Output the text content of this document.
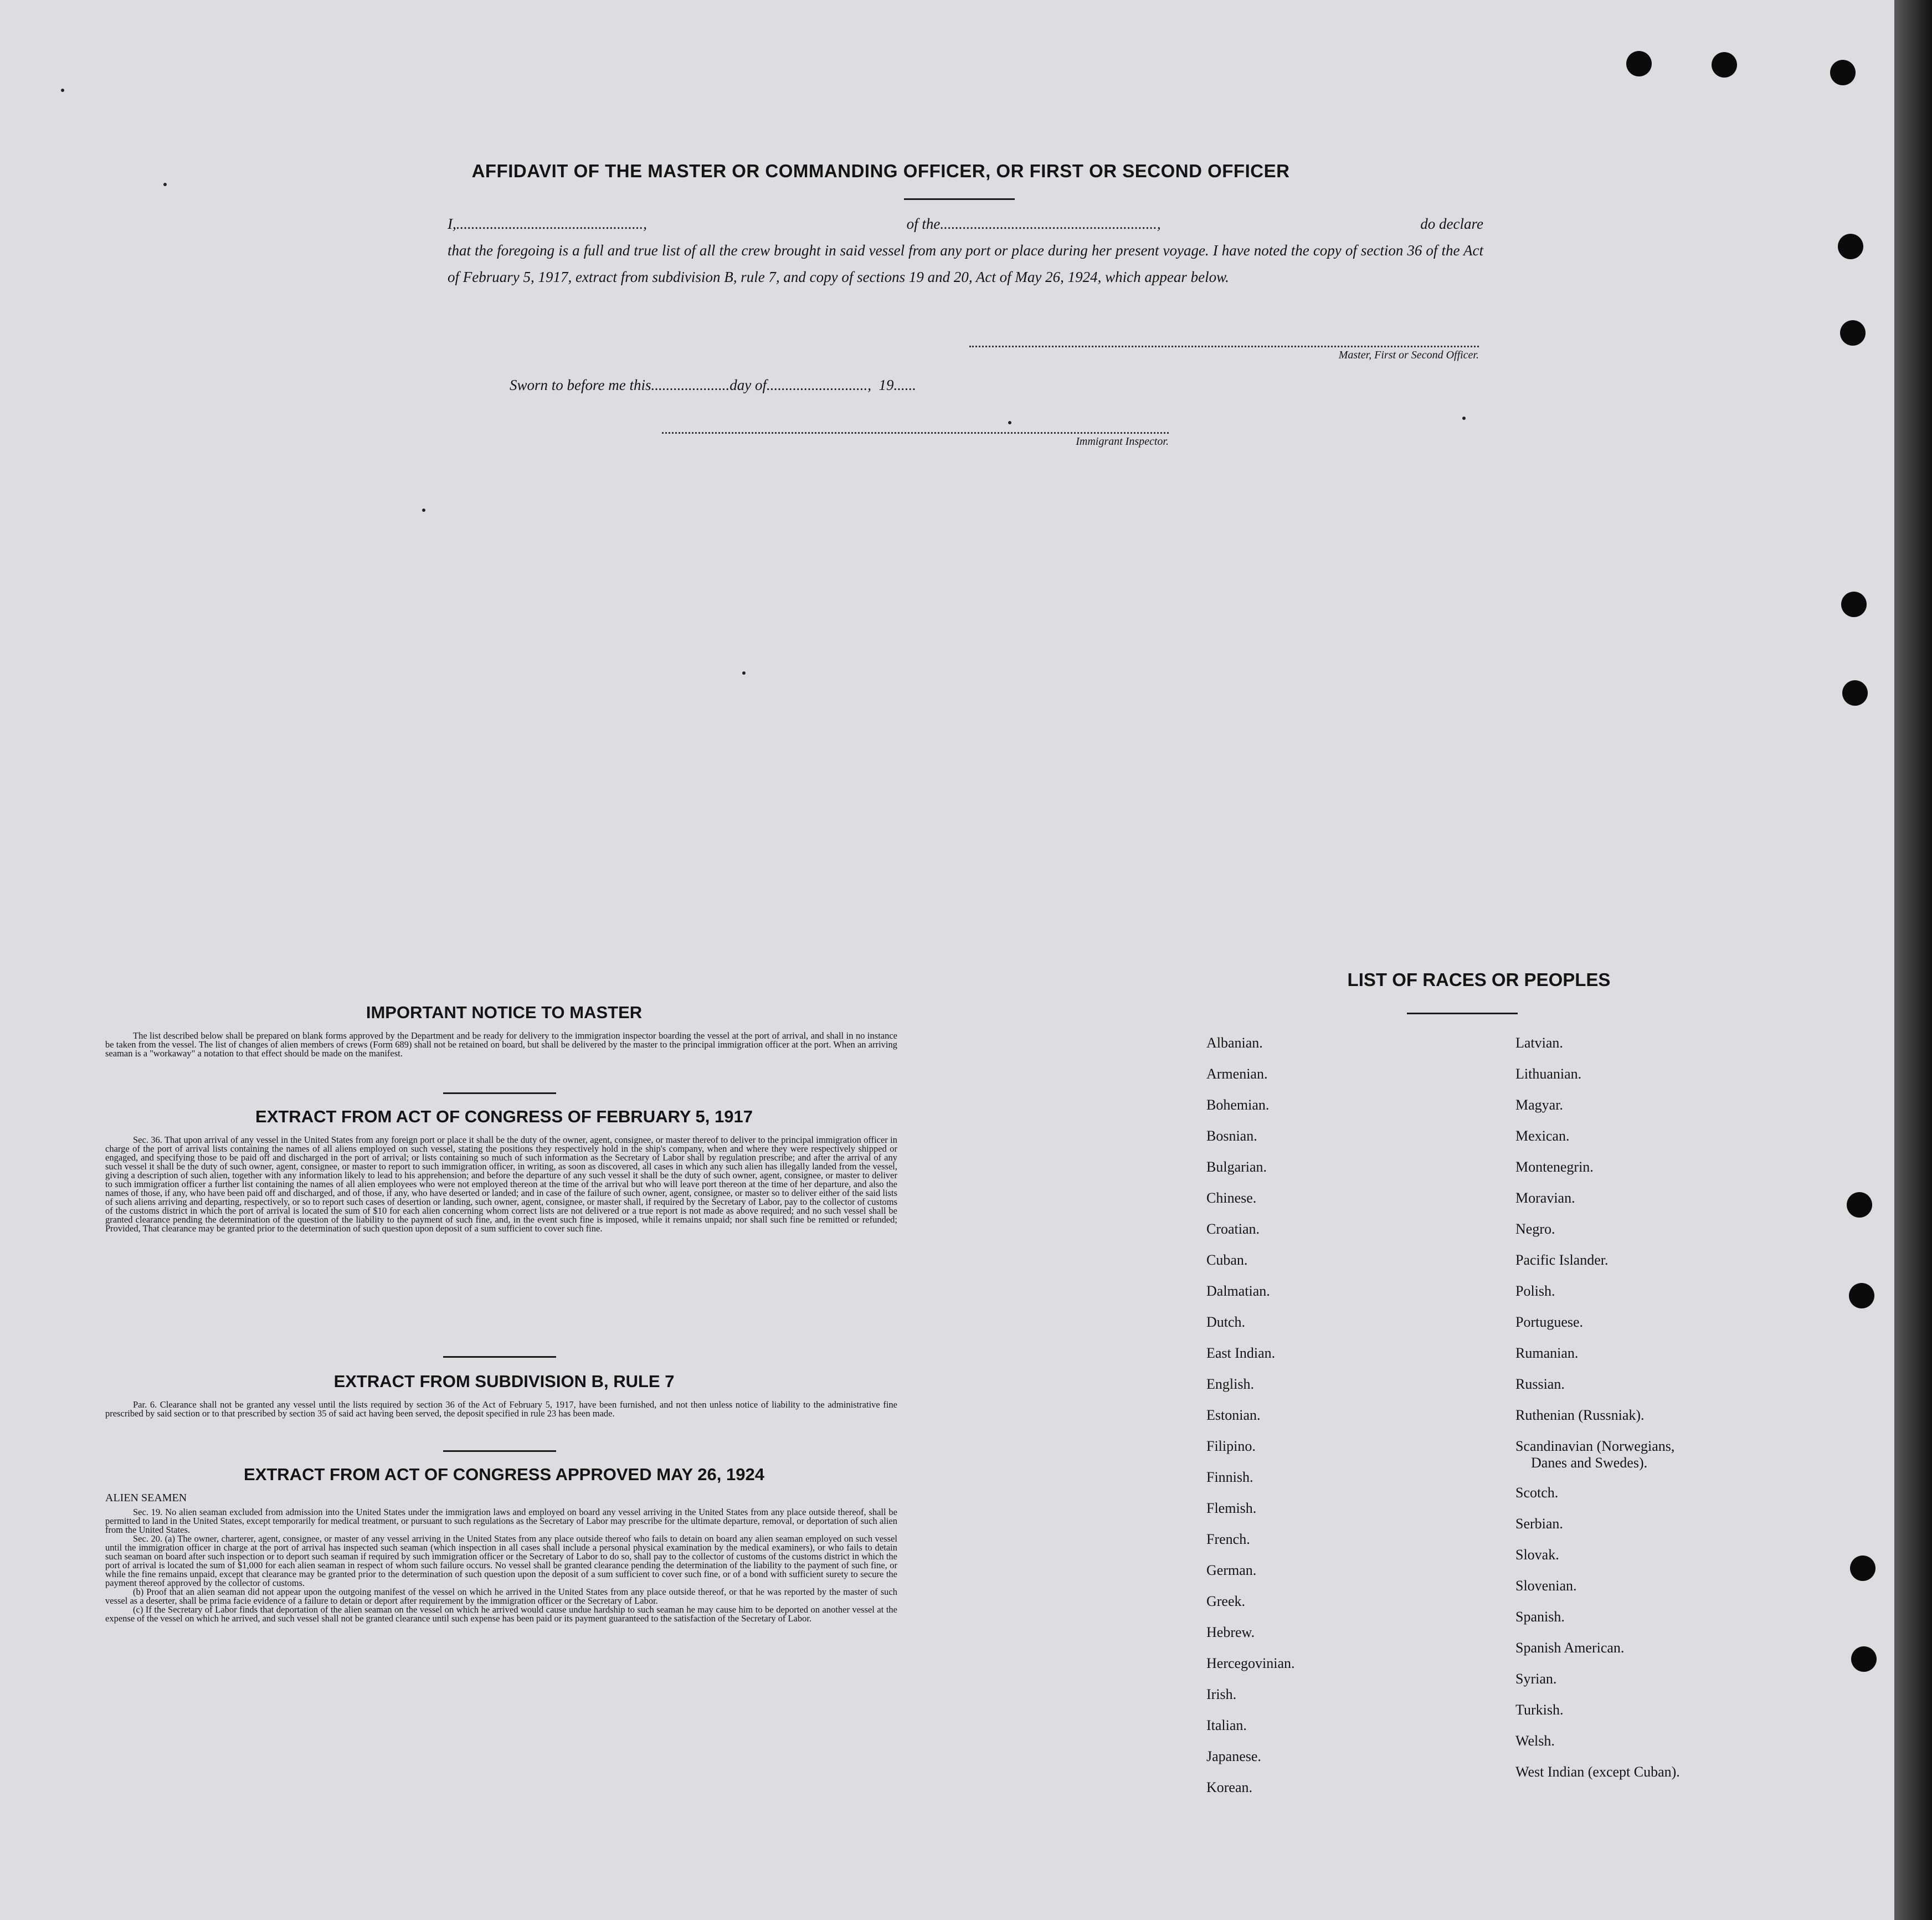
AFFIDAVIT OF THE MASTER OR COMMANDING OFFICER, OR FIRST OR SECOND OFFICER

I,..................................................,	of the..........................................................,	do declare

that the foregoing is a full and true list of all the crew brought in said vessel from any port or place during her present voyage. I have noted the copy of section 36 of the Act of February 5, 1917, extract from subdivision B, rule 7, and copy of sections 19 and 20, Act of May 26, 1924, which appear below.

Master, First or Second Officer.
Sworn to before me this.....................day of...........................,  19......
Immigrant Inspector.
IMPORTANT NOTICE TO MASTER

The list described below shall be prepared on blank forms approved by the Department and be ready for delivery to the immigration inspector boarding the vessel at the port of arrival, and shall in no instance be taken from the vessel. The list of changes of alien members of crews (Form 689) shall not be retained on board, but shall be delivered by the master to the principal immigration officer at the port. When an arriving seaman is a "workaway" a notation to that effect should be made on the manifest.

EXTRACT FROM ACT OF CONGRESS OF FEBRUARY 5, 1917

Sec. 36. That upon arrival of any vessel in the United States from any foreign port or place it shall be the duty of the owner, agent, consignee, or master thereof to deliver to the principal immigration officer in charge of the port of arrival lists containing the names of all aliens employed on such vessel, stating the positions they respectively hold in the ship's company, when and where they were respectively shipped or engaged, and specifying those to be paid off and discharged in the port of arrival; or lists containing so much of such information as the Secretary of Labor shall by regulation prescribe; and after the arrival of any such vessel it shall be the duty of such owner, agent, consignee, or master to report to such immigration officer, in writing, as soon as discovered, all cases in which any such alien has illegally landed from the vessel, giving a description of such alien, together with any information likely to lead to his apprehension; and before the departure of any such vessel it shall be the duty of such owner, agent, consignee, or master to deliver to such immigration officer a further list containing the names of all alien employees who were not employed thereon at the time of the arrival but who will leave port thereon at the time of her departure, and also the names of those, if any, who have been paid off and discharged, and of those, if any, who have deserted or landed; and in case of the failure of such owner, agent, consignee, or master so to deliver either of the said lists of such aliens arriving and departing, respectively, or so to report such cases of desertion or landing, such owner, agent, consignee, or master shall, if required by the Secretary of Labor, pay to the collector of customs of the customs district in which the port of arrival is located the sum of $10 for each alien concerning whom correct lists are not delivered or a true report is not made as above required; and no such vessel shall be granted clearance pending the determination of the question of the liability to the payment of such fine, and, in the event such fine is imposed, while it remains unpaid; nor shall such fine be remitted or refunded; Provided, That clearance may be granted prior to the determination of such question upon deposit of a sum sufficient to cover such fine.

EXTRACT FROM SUBDIVISION B, RULE 7

Par. 6. Clearance shall not be granted any vessel until the lists required by section 36 of the Act of February 5, 1917, have been furnished, and not then unless notice of liability to the administrative fine prescribed by said section or to that prescribed by section 35 of said act having been served, the deposit specified in rule 23 has been made.

EXTRACT FROM ACT OF CONGRESS APPROVED MAY 26, 1924

ALIEN SEAMEN

Sec. 19. No alien seaman excluded from admission into the United States under the immigration laws and employed on board any vessel arriving in the United States from any place outside thereof, shall be permitted to land in the United States, except temporarily for medical treatment, or pursuant to such regulations as the Secretary of Labor may prescribe for the ultimate departure, removal, or deportation of such alien from the United States.

Sec. 20. (a) The owner, charterer, agent, consignee, or master of any vessel arriving in the United States from any place outside thereof who fails to detain on board any alien seaman employed on such vessel until the immigration officer in charge at the port of arrival has inspected such seaman (which inspection in all cases shall include a personal physical examination by the medical examiners), or who fails to detain such seaman on board after such inspection or to deport such seaman if required by such immigration officer or the Secretary of Labor to do so, shall pay to the collector of customs of the customs district in which the port of arrival is located the sum of $1,000 for each alien seaman in respect of whom such failure occurs. No vessel shall be granted clearance pending the determination of the liability to the payment of such fine, or while the fine remains unpaid, except that clearance may be granted prior to the determination of such question upon the deposit of a sum sufficient to cover such fine, or of a bond with sufficient surety to secure the payment thereof approved by the collector of customs.

(b) Proof that an alien seaman did not appear upon the outgoing manifest of the vessel on which he arrived in the United States from any place outside thereof, or that he was reported by the master of such vessel as a deserter, shall be prima facie evidence of a failure to detain or deport after requirement by the immigration officer or the Secretary of Labor.

(c) If the Secretary of Labor finds that deportation of the alien seaman on the vessel on which he arrived would cause undue hardship to such seaman he may cause him to be deported on another vessel at the expense of the vessel on which he arrived, and such vessel shall not be granted clearance until such expense has been paid or its payment guaranteed to the satisfaction of the Secretary of Labor.

LIST OF RACES OR PEOPLES
Albanian.
Armenian.
Bohemian.
Bosnian.
Bulgarian.
Chinese.
Croatian.
Cuban.
Dalmatian.
Dutch.
East Indian.
English.
Estonian.
Filipino.
Finnish.
Flemish.
French.
German.
Greek.
Hebrew.
Hercegovinian.
Irish.
Italian.
Japanese.
Korean.
Latvian.
Lithuanian.
Magyar.
Mexican.
Montenegrin.
Moravian.
Negro.
Pacific Islander.
Polish.
Portuguese.
Rumanian.
Russian.
Ruthenian (Russniak).
Scandinavian (Norwegians,
Danes and Swedes).
Scotch.
Serbian.
Slovak.
Slovenian.
Spanish.
Spanish American.
Syrian.
Turkish.
Welsh.
West Indian (except Cuban).
